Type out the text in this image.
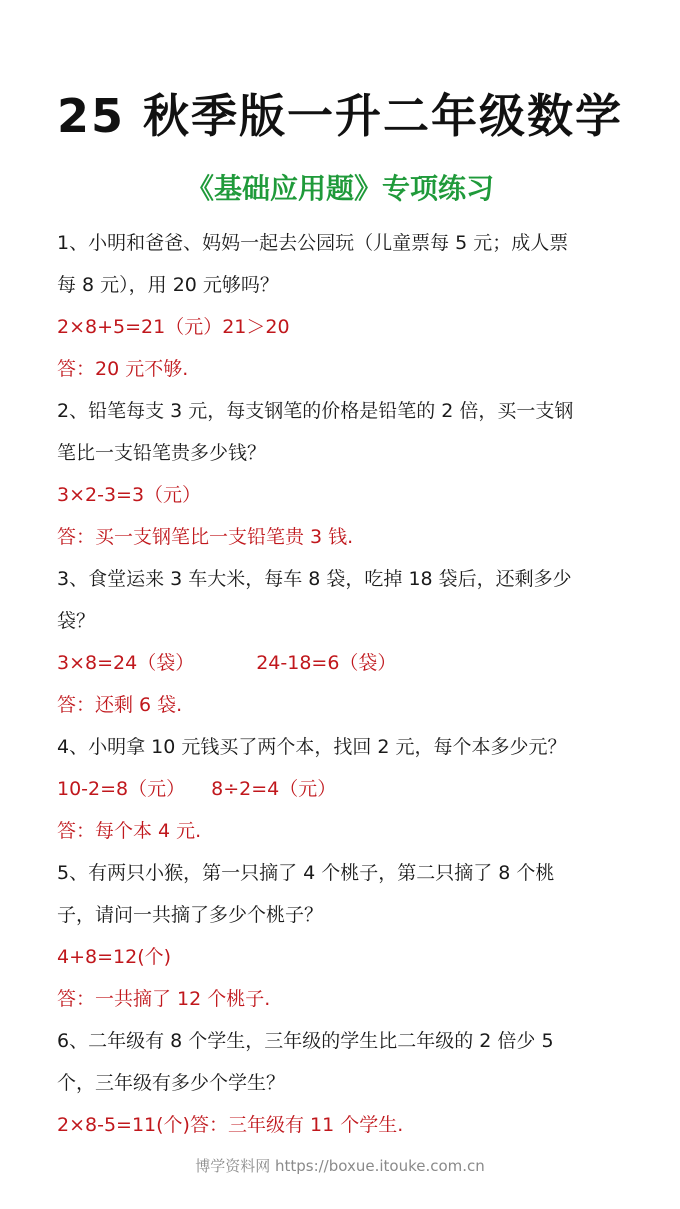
25 秋季版一升二年级数学
《基础应用题》专项练习
1、小明和爸爸、妈妈一起去公园玩（儿童票每 5 元；成人票
每 8 元），用 20 元够吗？
2×8+5=21（元）21＞20
答：20 元不够.
2、铅笔每支 3 元，每支钢笔的价格是铅笔的 2 倍，买一支钢
笔比一支铅笔贵多少钱？
3×2-3=3（元）
答：买一支钢笔比一支铅笔贵 3 钱.
3、食堂运来 3 车大米，每车 8 袋，吃掉 18 袋后，还剩多少
袋？
3×8=24（袋）	24-18=6（袋）
答：还剩 6 袋.
4、小明拿 10 元钱买了两个本，找回 2 元，每个本多少元？
10-2=8（元） 8÷2=4（元）
答：每个本 4 元.
5、有两只小猴，第一只摘了 4 个桃子，第二只摘了 8 个桃
子，请问一共摘了多少个桃子？
4+8=12(个)
答：一共摘了 12 个桃子.
6、二年级有 8 个学生，三年级的学生比二年级的 2 倍少 5
个，三年级有多少个学生？
2×8-5=11(个)答：三年级有 11 个学生.
博学资料网 https://boxue.itouke.com.cn
